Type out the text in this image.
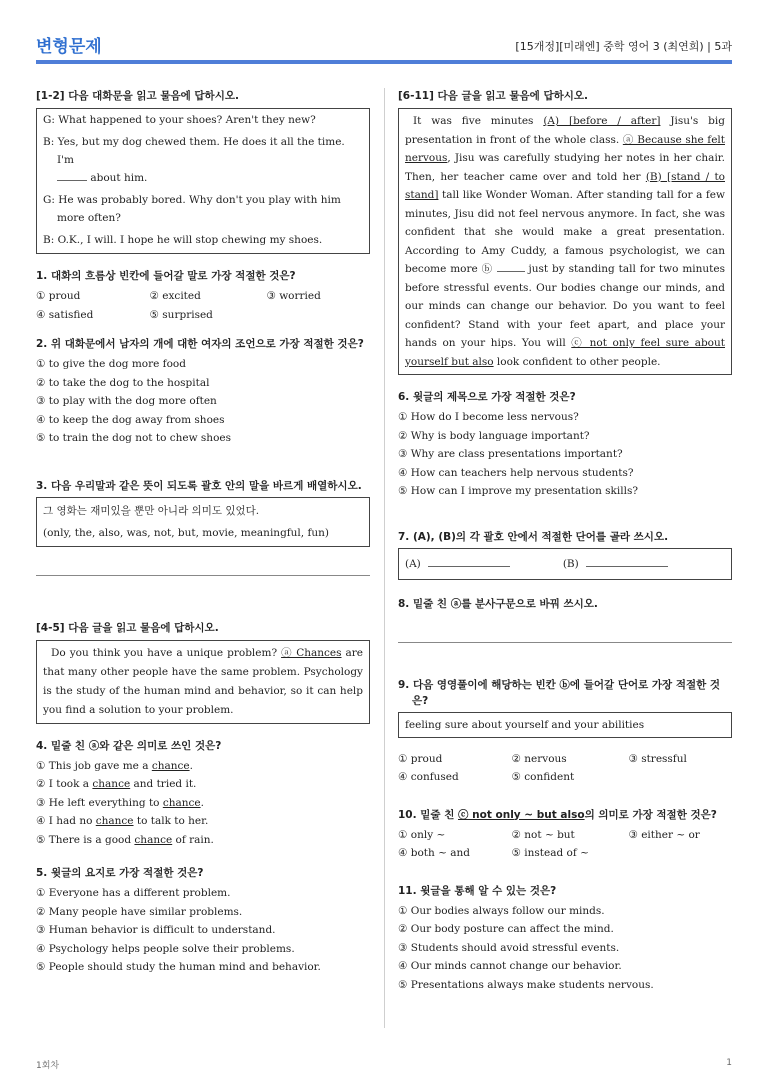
변형문제	[15개정][미래엔] 중학 영어 3 (최연희) | 5과
[1-2] 다음 대화문을 읽고 물음에 답하시오.
G: What happened to your shoes? Aren't they new?
B: Yes, but my dog chewed them. He does it all the time. I'm
about him.
G: He was probably bored. Why don't you play with him more often?
B: O.K., I will. I hope he will stop chewing my shoes.
1. 대화의 흐름상 빈칸에 들어갈 말로 가장 적절한 것은?
① proud	② excited	③ worried
④ satisfied	⑤ surprised
2. 위 대화문에서 남자의 개에 대한 여자의 조언으로 가장 적절한 것은?
① to give the dog more food
② to take the dog to the hospital
③ to play with the dog more often
④ to keep the dog away from shoes
⑤ to train the dog not to chew shoes
3. 다음 우리말과 같은 뜻이 되도록 괄호 안의 말을 바르게 배열하시오.
그 영화는 재미있을 뿐만 아니라 의미도 있었다.
(only, the, also, was, not, but, movie, meaningful, fun)
[4-5] 다음 글을 읽고 물음에 답하시오.
Do you think you have a unique problem? ⓐ Chances are that many other people have the same problem. Psychology is the study of the human mind and behavior, so it can help you find a solution to your problem.
4. 밑줄 친 ⓐ와 같은 의미로 쓰인 것은?
① This job gave me a chance.
② I took a chance and tried it.
③ He left everything to chance.
④ I had no chance to talk to her.
⑤ There is a good chance of rain.
5. 윗글의 요지로 가장 적절한 것은?
① Everyone has a different problem.
② Many people have similar problems.
③ Human behavior is difficult to understand.
④ Psychology helps people solve their problems.
⑤ People should study the human mind and behavior.
[6-11] 다음 글을 읽고 물음에 답하시오.
It was five minutes (A) [before / after] Jisu's big presentation in front of the whole class. ⓐ Because she felt nervous, Jisu was carefully studying her notes in her chair. Then, her teacher came over and told her (B) [stand / to stand] tall like Wonder Woman. After standing tall for a few minutes, Jisu did not feel nervous anymore. In fact, she was confident that she would make a great presentation. According to Amy Cuddy, a famous psychologist, we can become more ⓑ	just by standing tall for two minutes before stressful events. Our bodies change our minds, and our minds can change our behavior. Do you want to feel confident? Stand with your feet apart, and place your hands on your hips. You will ⓒ not only feel sure about yourself but also look confident to other people.
6. 윗글의 제목으로 가장 적절한 것은?
① How do I become less nervous?
② Why is body language important?
③ Why are class presentations important?
④ How can teachers help nervous students?
⑤ How can I improve my presentation skills?
7. (A), (B)의 각 괄호 안에서 적절한 단어를 골라 쓰시오.
(A)	(B)
8. 밑줄 친 ⓐ를 분사구문으로 바꿔 쓰시오.
9. 다음 영영풀이에 해당하는 빈칸 ⓑ에 들어갈 단어로 가장 적절한 것은?
feeling sure about yourself and your abilities
① proud	② nervous	③ stressful
④ confused	⑤ confident
10. 밑줄 친 ⓒ not only ~ but also의 의미로 가장 적절한 것은?
① only ~	② not ~ but	③ either ~ or
④ both ~ and	⑤ instead of ~
11. 윗글을 통해 알 수 있는 것은?
① Our bodies always follow our minds.
② Our body posture can affect the mind.
③ Students should avoid stressful events.
④ Our minds cannot change our behavior.
⑤ Presentations always make students nervous.
1회차	1
